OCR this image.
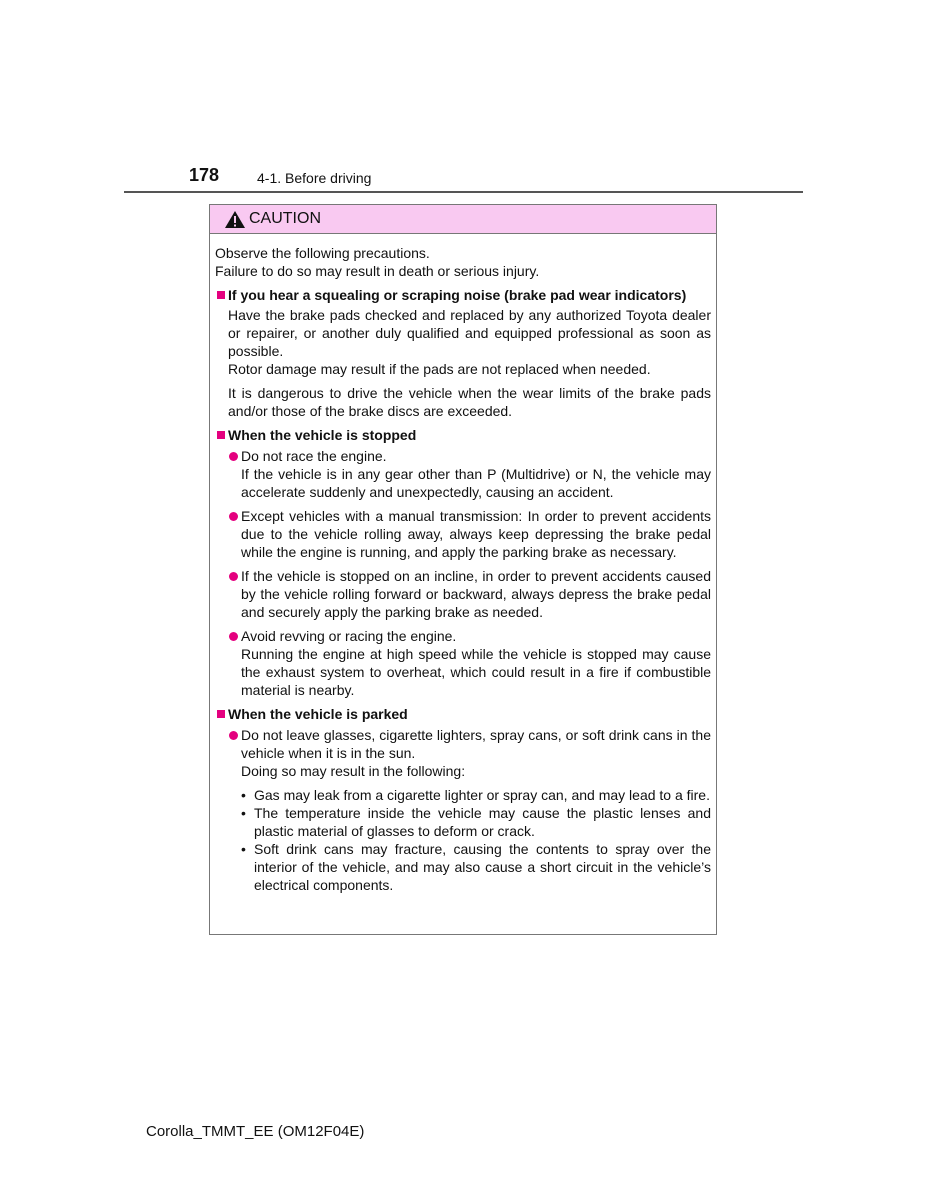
178	4-1. Before driving
CAUTION

Observe the following precautions.

Failure to do so may result in death or serious injury.

If you hear a squealing or scraping noise (brake pad wear indicators)
Have the brake pads checked and replaced by any authorized Toyota dealer or repairer, or another duly qualified and equipped professional as soon as possible.
Rotor damage may result if the pads are not replaced when needed.
It is dangerous to drive the vehicle when the wear limits of the brake pads and/or those of the brake discs are exceeded.
When the vehicle is stopped
Do not race the engine.
If the vehicle is in any gear other than P (Multidrive) or N, the vehicle may accelerate suddenly and unexpectedly, causing an accident.
Except vehicles with a manual transmission: In order to prevent accidents due to the vehicle rolling away, always keep depressing the brake pedal while the engine is running, and apply the parking brake as necessary.
If the vehicle is stopped on an incline, in order to prevent accidents caused by the vehicle rolling forward or backward, always depress the brake pedal and securely apply the parking brake as needed.
Avoid revving or racing the engine.
Running the engine at high speed while the vehicle is stopped may cause the exhaust system to overheat, which could result in a fire if combustible material is nearby.
When the vehicle is parked
Do not leave glasses, cigarette lighters, spray cans, or soft drink cans in the vehicle when it is in the sun.
Doing so may result in the following:
• Gas may leak from a cigarette lighter or spray can, and may lead to a fire.
• The temperature inside the vehicle may cause the plastic lenses and plastic material of glasses to deform or crack.
• Soft drink cans may fracture, causing the contents to spray over the interior of the vehicle, and may also cause a short circuit in the vehicle’s electrical components.
Corolla_TMMT_EE (OM12F04E)
